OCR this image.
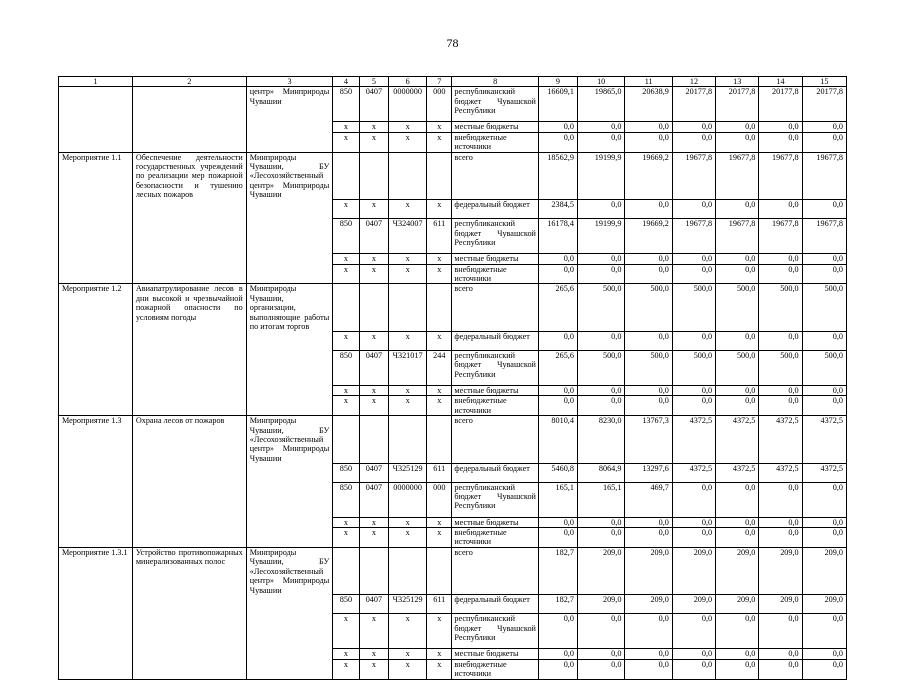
78
1	2	3	4	5	6	7	8	9	10	11	12	13	14	15
		центр» Минприроды Чувашии	850	0407	0000000	000	республиканский бюджет Чувашской Республики	16609,1	19865,0	20638,9	20177,8	20177,8	20177,8	20177,8
			x	x	x	x	местные бюджеты	0,0	0,0	0,0	0,0	0,0	0,0	0,0
			x	x	x	x	внебюджетные источники	0,0	0,0	0,0	0,0	0,0	0,0	0,0
Мероприятие 1.1	Обеспечение деятельности государственных учреждений по реализации мер пожарной безопасности и тушению лесных пожаров	Минприроды Чувашии, БУ «Лесохозяйственный центр» Минприроды Чувашии					всего	18562,9	19199,9	19669,2	19677,8	19677,8	19677,8	19677,8
			x	x	x	x	федеральный бюджет	2384,5	0,0	0,0	0,0	0,0	0,0	0,0
			850	0407	Ч324007	611	республиканский бюджет Чувашской Республики	16178,4	19199,9	19669,2	19677,8	19677,8	19677,8	19677,8
			x	x	x	x	местные бюджеты	0,0	0,0	0,0	0,0	0,0	0,0	0,0
			x	x	x	x	внебюджетные источники	0,0	0,0	0,0	0,0	0,0	0,0	0,0
Мероприятие 1.2	Авиапатрулирование лесов в дни высокой и чрезвычайной пожарной опасности по условиям погоды	Минприроды Чувашии, организации, выполняющие работы по итогам торгов					всего	265,6	500,0	500,0	500,0	500,0	500,0	500,0
			x	x	x	x	федеральный бюджет	0,0	0,0	0,0	0,0	0,0	0,0	0,0
			850	0407	Ч321017	244	республиканский бюджет Чувашской Республики	265,6	500,0	500,0	500,0	500,0	500,0	500,0
			x	x	x	x	местные бюджеты	0,0	0,0	0,0	0,0	0,0	0,0	0,0
			x	x	x	x	внебюджетные источники	0,0	0,0	0,0	0,0	0,0	0,0	0,0
Мероприятие 1.3	Охрана лесов от пожаров	Минприроды Чувашии, БУ «Лесохозяйственный центр» Минприроды Чувашии					всего	8010,4	8230,0	13767,3	4372,5	4372,5	4372,5	4372,5
			850	0407	Ч325129	611	федеральный бюджет	5460,8	8064,9	13297,6	4372,5	4372,5	4372,5	4372,5
			850	0407	0000000	000	республиканский бюджет Чувашской Республики	165,1	165,1	469,7	0,0	0,0	0,0	0,0
			x	x	x	x	местные бюджеты	0,0	0,0	0,0	0,0	0,0	0,0	0,0
			x	x	x	x	внебюджетные источники	0,0	0,0	0,0	0,0	0,0	0,0	0,0
Мероприятие 1.3.1	Устройство противопожарных минерализованных полос	Минприроды Чувашии, БУ «Лесохозяйственный центр» Минприроды Чувашии					всего	182,7	209,0	209,0	209,0	209,0	209,0	209,0
			850	0407	Ч325129	611	федеральный бюджет	182,7	209,0	209,0	209,0	209,0	209,0	209,0
			x	x	x	x	республиканский бюджет Чувашской Республики	0,0	0,0	0,0	0,0	0,0	0,0	0,0
			x	x	x	x	местные бюджеты	0,0	0,0	0,0	0,0	0,0	0,0	0,0
			x	x	x	x	внебюджетные источники	0,0	0,0	0,0	0,0	0,0	0,0	0,0
